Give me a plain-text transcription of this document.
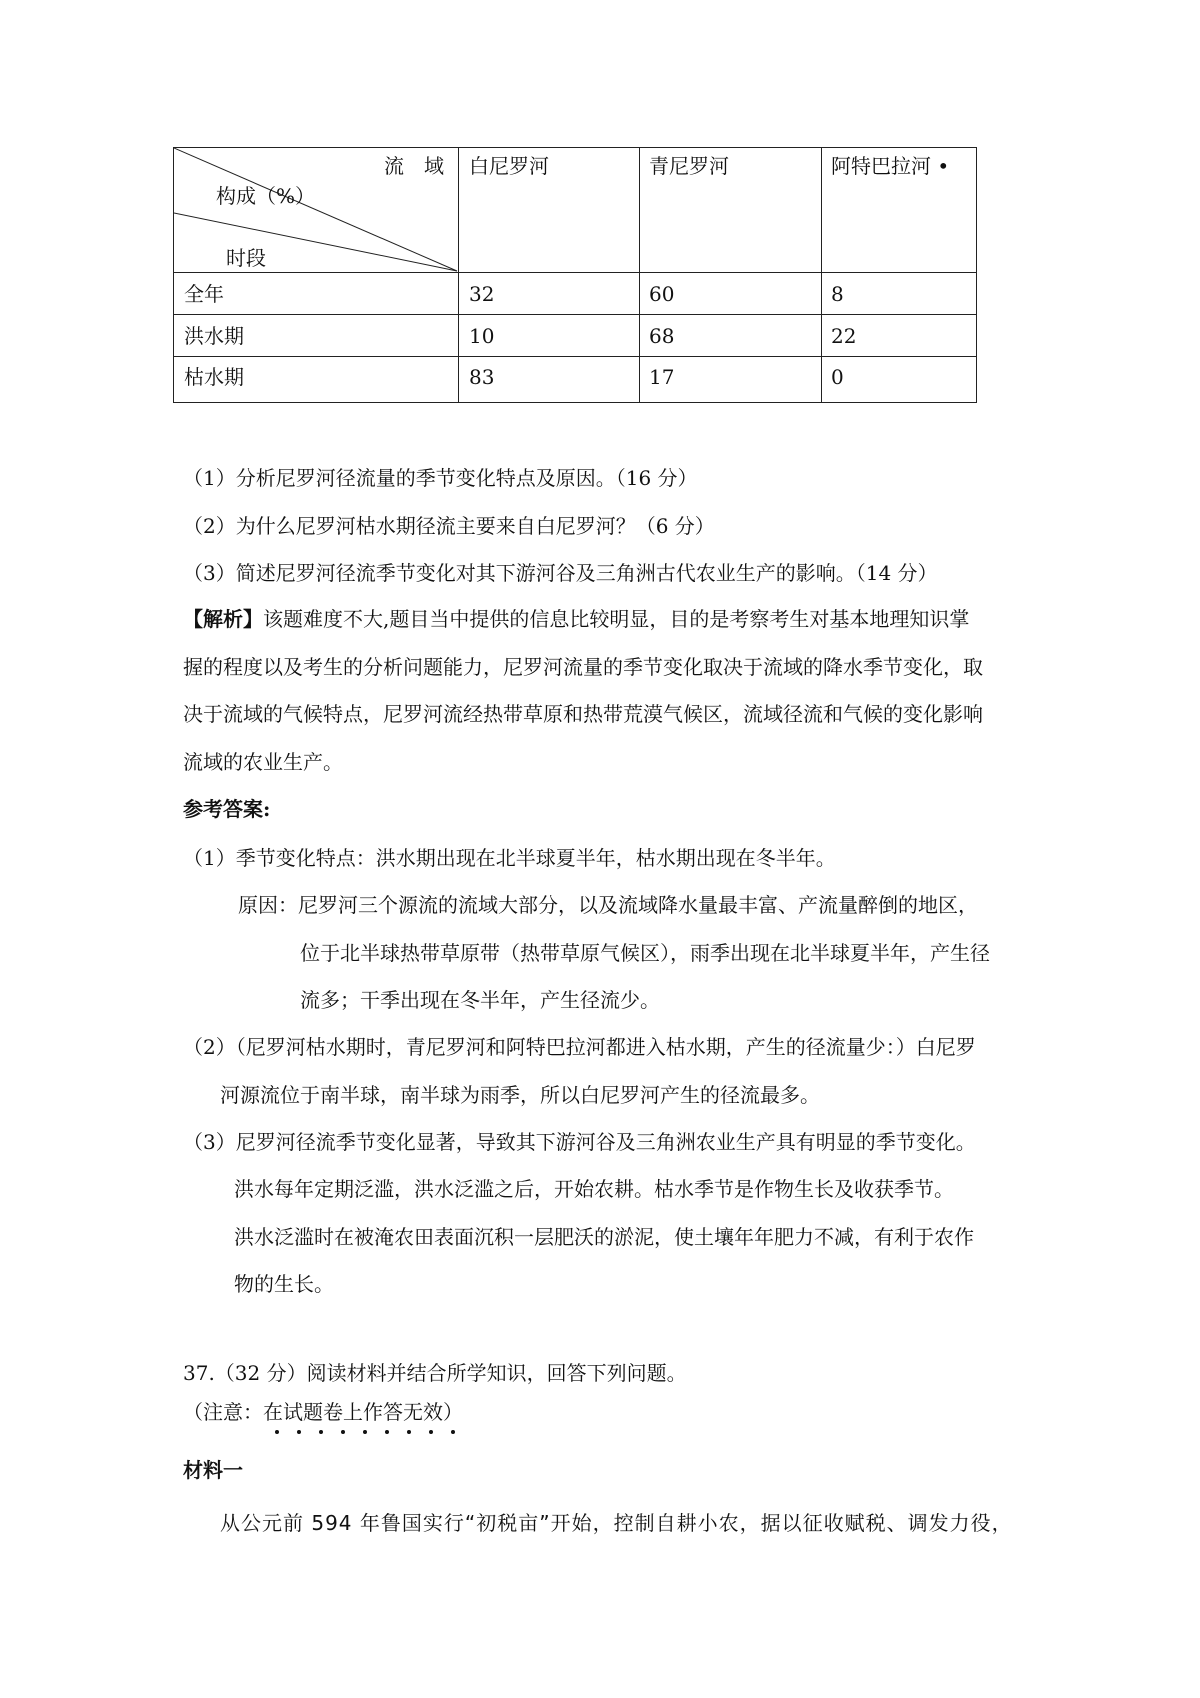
流　域
构成（%）
时段
白尼罗河	青尼罗河	阿特巴拉河 •
全年	32	60	8
洪水期	10	68	22
枯水期	83	17	0
（1）分析尼罗河径流量的季节变化特点及原因。（16 分）
（2）为什么尼罗河枯水期径流主要来自白尼罗河？（6 分）
（3）简述尼罗河径流季节变化对其下游河谷及三角洲古代农业生产的影响。（14 分）
【解析】该题难度不大,题目当中提供的信息比较明显，目的是考察考生对基本地理知识掌
握的程度以及考生的分析问题能力，尼罗河流量的季节变化取决于流域的降水季节变化，取
决于流域的气候特点，尼罗河流经热带草原和热带荒漠气候区，流域径流和气候的变化影响
流域的农业生产。
参考答案:
（1）季节变化特点：洪水期出现在北半球夏半年，枯水期出现在冬半年。
原因：尼罗河三个源流的流域大部分，以及流域降水量最丰富、产流量醉倒的地区，
位于北半球热带草原带（热带草原气候区），雨季出现在北半球夏半年，产生径
流多；干季出现在冬半年，产生径流少。
（2）（尼罗河枯水期时，青尼罗河和阿特巴拉河都进入枯水期，产生的径流量少：）白尼罗
河源流位于南半球，南半球为雨季，所以白尼罗河产生的径流最多。
（3）尼罗河径流季节变化显著，导致其下游河谷及三角洲农业生产具有明显的季节变化。
洪水每年定期泛滥，洪水泛滥之后，开始农耕。枯水季节是作物生长及收获季节。
洪水泛滥时在被淹农田表面沉积一层肥沃的淤泥，使土壤年年肥力不减，有利于农作
物的生长。
37.（32 分）阅读材料并结合所学知识，回答下列问题。
（注意：在试题卷上作答无效）
材料一
从公元前 594 年鲁国实行“初税亩”开始，控制自耕小农，据以征收赋税、调发力役，
